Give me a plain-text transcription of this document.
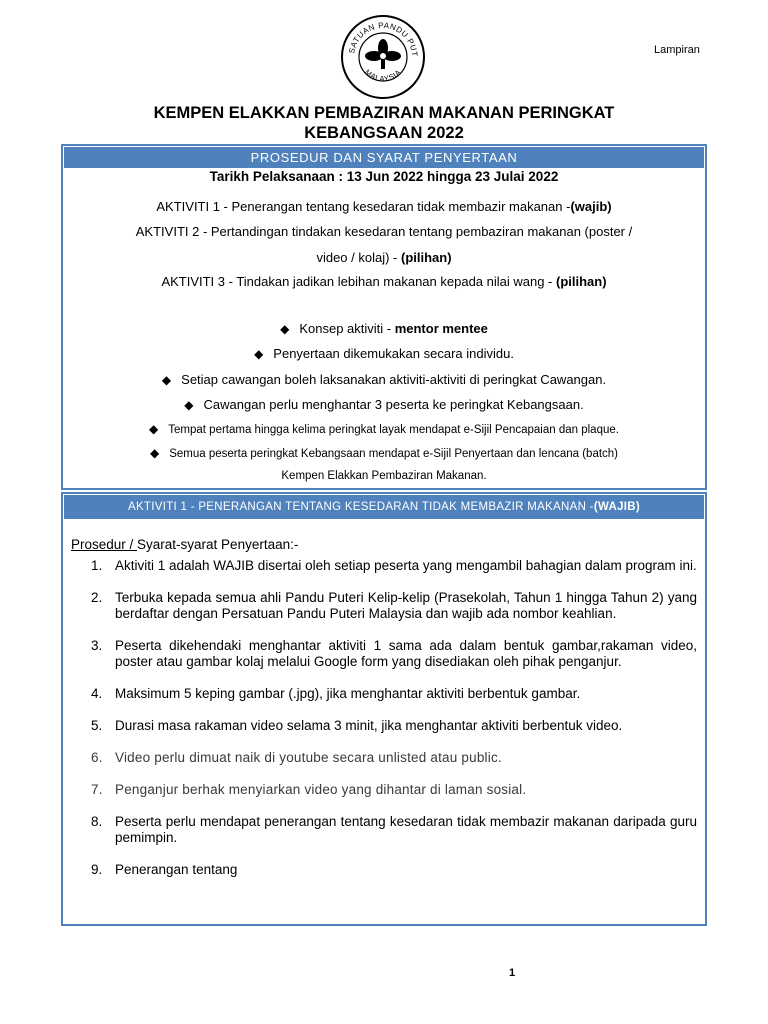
SATUAN PANDU PUT
MALAYSIA
Lampiran
KEMPEN ELAKKAN PEMBAZIRAN MAKANAN PERINGKAT
KEBANGSAAN 2022
PROSEDUR DAN SYARAT PENYERTAAN
Tarikh Pelaksanaan : 13 Jun 2022 hingga 23 Julai 2022
AKTIVITI 1 - Penerangan tentang kesedaran tidak membazir makanan -(wajib)
AKTIVITI 2 - Pertandingan tindakan kesedaran tentang pembaziran makanan (poster /
video / kolaj) - (pilihan)
AKTIVITI 3 - Tindakan jadikan lebihan makanan kepada nilai wang - (pilihan)
◆ Konsep aktiviti - mentor mentee
◆ Penyertaan dikemukakan secara individu.
◆ Setiap cawangan boleh laksanakan aktiviti-aktiviti di peringkat Cawangan.
◆ Cawangan perlu menghantar 3 peserta ke peringkat Kebangsaan.
◆ Tempat pertama hingga kelima peringkat layak mendapat e-Sijil Pencapaian dan plaque.
◆ Semua peserta peringkat Kebangsaan mendapat e-Sijil Penyertaan dan lencana (batch)
Kempen Elakkan Pembaziran Makanan.
AKTIVITI 1 - PENERANGAN TENTANG KESEDARAN TIDAK MEMBAZIR MAKANAN -(WAJIB)
Prosedur / Syarat-syarat Penyertaan:-
1. Aktiviti 1 adalah WAJIB disertai oleh setiap peserta yang mengambil bahagian dalam program ini.
2. Terbuka kepada semua ahli Pandu Puteri Kelip-kelip (Prasekolah, Tahun 1 hingga Tahun 2) yang berdaftar dengan Persatuan Pandu Puteri Malaysia dan wajib ada nombor keahlian.
3. Peserta dikehendaki menghantar aktiviti 1 sama ada dalam bentuk gambar,rakaman video, poster atau gambar kolaj melalui Google form yang disediakan oleh pihak penganjur.
4. Maksimum 5 keping gambar (.jpg), jika menghantar aktiviti berbentuk gambar.
5. Durasi masa rakaman video selama 3 minit, jika menghantar aktiviti berbentuk video.
6. Video perlu dimuat naik di youtube secara unlisted atau public.
7. Penganjur berhak menyiarkan video yang dihantar di laman sosial.
8. Peserta perlu mendapat penerangan tentang kesedaran tidak membazir makanan daripada guru pemimpin.
9. Penerangan tentang
1
